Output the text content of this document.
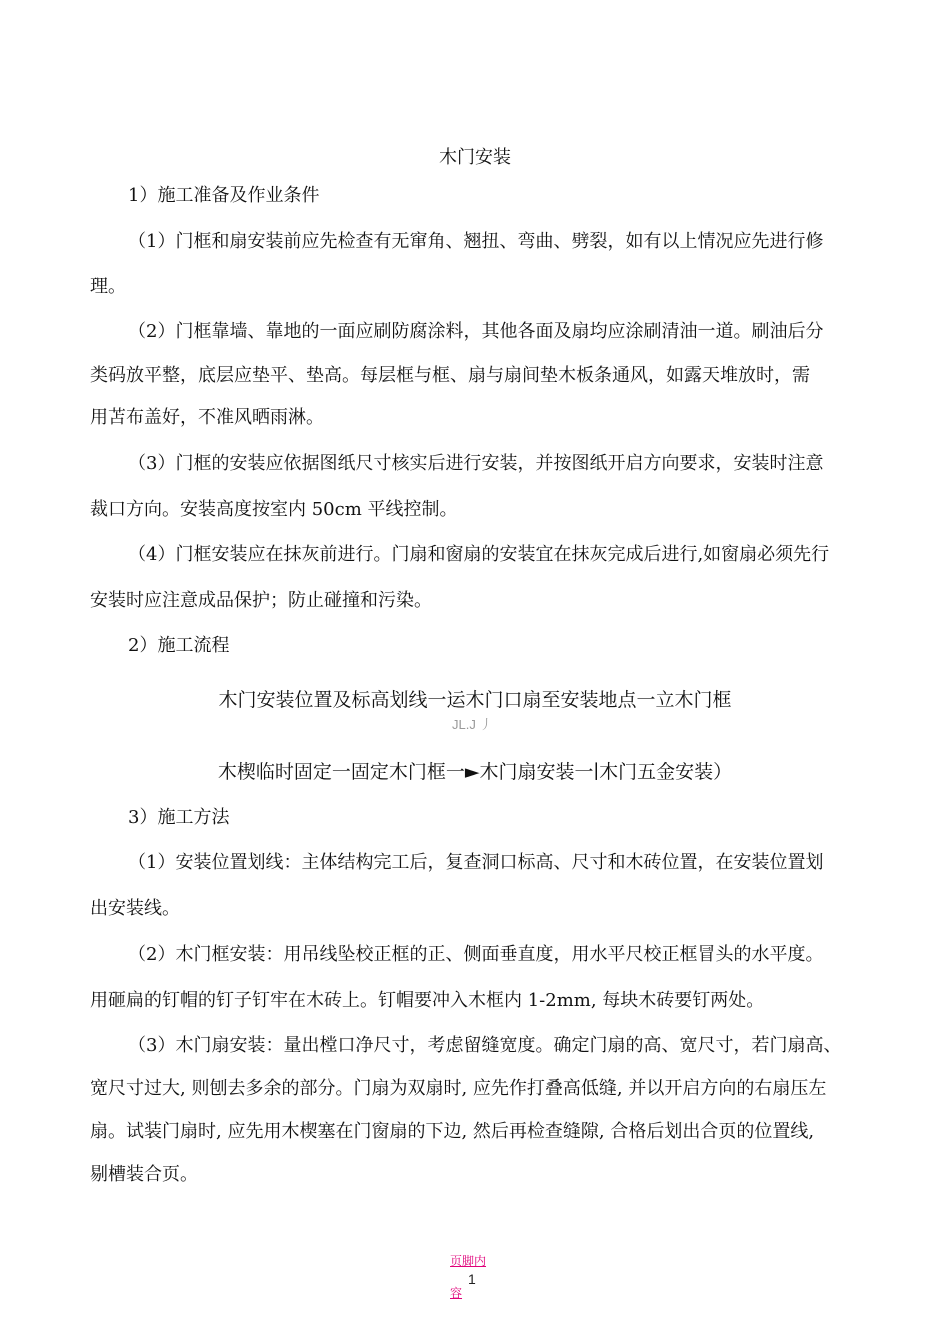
木门安装
1）施工准备及作业条件
（1）门框和扇安装前应先检查有无窜角、翘扭、弯曲、劈裂，如有以上情况应先进行修
理。
（2）门框靠墙、靠地的一面应刷防腐涂料，其他各面及扇均应涂刷清油一道。刷油后分
类码放平整，底层应垫平、垫高。每层框与框、扇与扇间垫木板条通风，如露天堆放时，需
用苫布盖好，不准风晒雨淋。
（3）门框的安装应依据图纸尺寸核实后进行安装，并按图纸开启方向要求，安装时注意
裁口方向。安装高度按室内 50cm 平线控制。
（4）门框安装应在抹灰前进行。门扇和窗扇的安装宜在抹灰完成后进行,如窗扇必须先行
安装时应注意成品保护；防止碰撞和污染。
2）施工流程
木门安装位置及标高划线一运木门口扇至安装地点一立木门框
JL.J 丿
木楔临时固定一固定木门框一►木门扇安装一∣木门五金安装）
3）施工方法
（1）安装位置划线：主体结构完工后，复查洞口标高、尺寸和木砖位置，在安装位置划
出安装线。
（2）木门框安装：用吊线坠校正框的正、侧面垂直度，用水平尺校正框冒头的水平度。
用砸扁的钉帽的钉子钉牢在木砖上。钉帽要冲入木框内 1-2mm, 每块木砖要钉两处。
（3）木门扇安装：量出樘口净尺寸，考虑留缝宽度。确定门扇的高、宽尺寸，若门扇高、
宽尺寸过大, 则刨去多余的部分。门扇为双扇时, 应先作打叠高低缝, 并以开启方向的右扇压左
扇。试装门扇时, 应先用木楔塞在门窗扇的下边, 然后再检查缝隙, 合格后划出合页的位置线,
剔槽装合页。
页脚内
1
容
